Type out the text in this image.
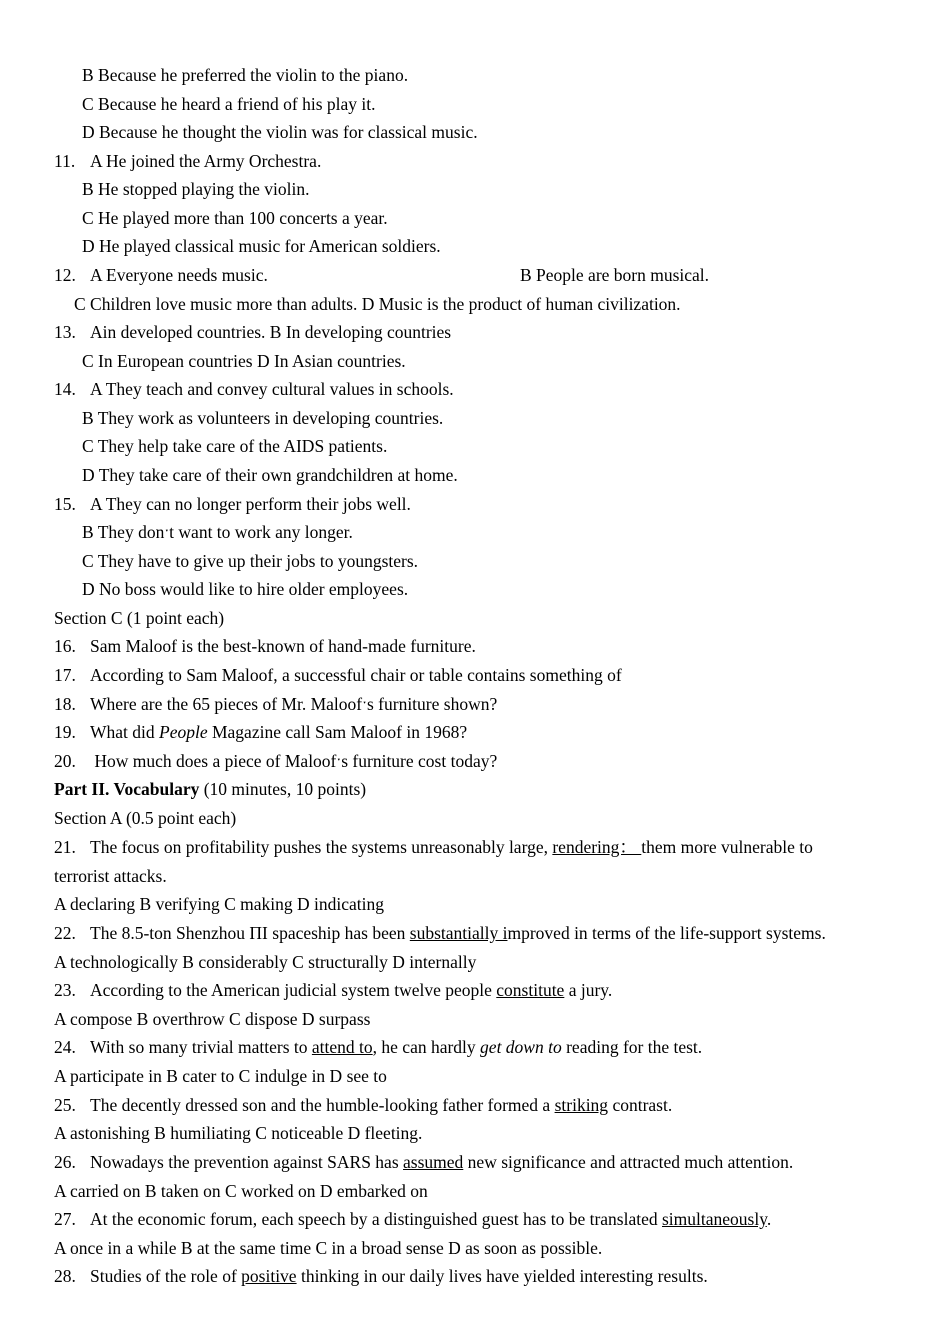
B Because he preferred the violin to the piano.
C Because he heard a friend of his play it.
D Because he thought the violin was for classical music.
11. A He joined the Army Orchestra.
B He stopped playing the violin.
C He played more than 100 concerts a year.
D He played classical music for American soldiers.
12. A Everyone needs music.	B People are born musical.
C Children love music more than adults. D Music is the product of human civilization.
13. Ain developed countries. B In developing countries
C In European countries D In Asian countries.
14. A They teach and convey cultural values in schools.
B They work as volunteers in developing countries.
C They help take care of the AIDS patients.
D They take care of their own grandchildren at home.
15. A They can no longer perform their jobs well.
B They donˑt want to work any longer.
C They have to give up their jobs to youngsters.
D No boss would like to hire older employees.
Section C (1 point each)
16. Sam Maloof is the best-known of hand-made furniture.
17. According to Sam Maloof, a successful chair or table contains something of
18. Where are the 65 pieces of Mr. Maloofˑs furniture shown?
19. What did People Magazine call Sam Maloof in 1968?
20. How much does a piece of Maloofˑs furniture cost today?
Part II. Vocabulary (10 minutes, 10 points)
Section A (0.5 point each)
21. The focus on profitability pushes the systems unreasonably large, rendering： them more vulnerable to
terrorist attacks.
A declaring B verifying C making D indicating
22. The 8.5-ton Shenzhou ΠI spaceship has been substantially improved in terms of the life-support systems.
A technologically B considerably C structurally D internally
23. According to the American judicial system twelve people constitute a jury.
A compose B overthrow C dispose D surpass
24. With so many trivial matters to attend to, he can hardly get down to reading for the test.
A participate in B cater to C indulge in D see to
25. The decently dressed son and the humble-looking father formed a striking contrast.
A astonishing B humiliating C noticeable D fleeting.
26. Nowadays the prevention against SARS has assumed new significance and attracted much attention.
A carried on B taken on C worked on D embarked on
27. At the economic forum, each speech by a distinguished guest has to be translated simultaneously.
A once in a while B at the same time C in a broad sense D as soon as possible.
28. Studies of the role of positive thinking in our daily lives have yielded interesting results.
